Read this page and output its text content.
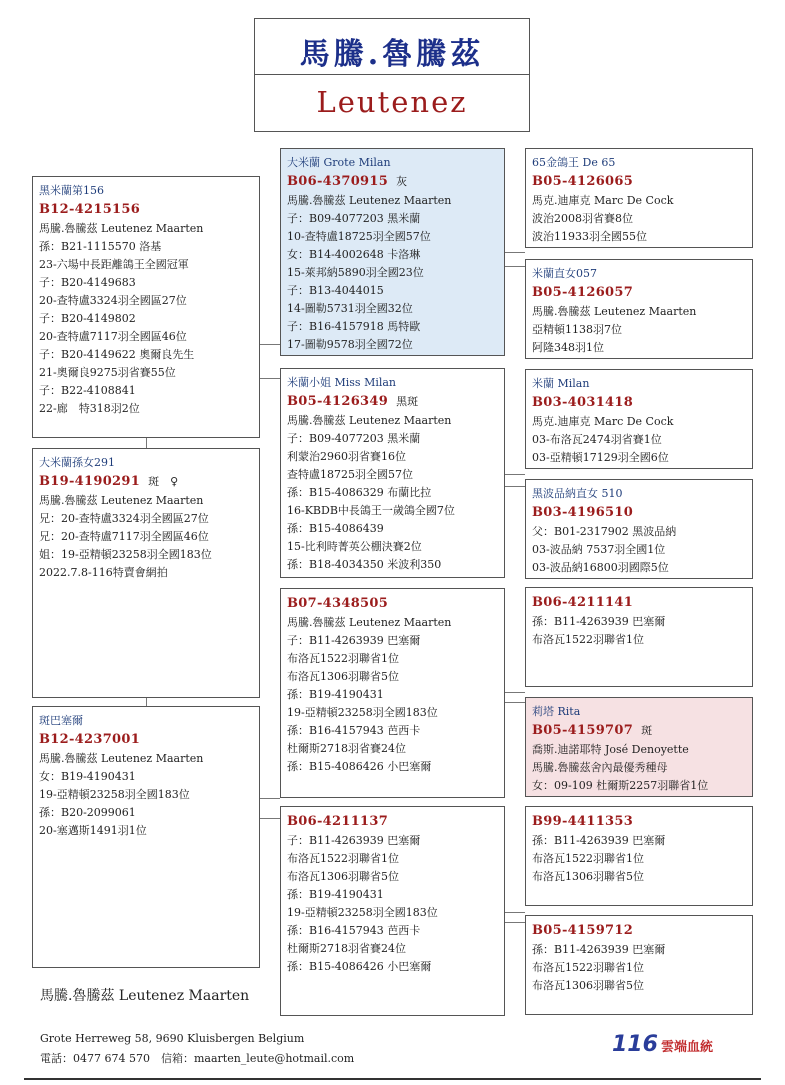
馬騰.魯騰茲
Leutenez
黑米蘭第156
B12-4215156
馬騰.魯騰茲 Leutenez Maarten
孫：B21-1115570 洛基
23-六場中長距離鴿王全國冠軍
子：B20-4149683
20-查特盧3324羽全國區27位
子：B20-4149802
20-查特盧7117羽全國區46位
子：B20-4149622 奧爾良先生
21-奧爾良9275羽省賽55位
子：B22-4108841
22-廊　特318羽2位
大米蘭孫女291
B19-4190291 斑　♀
馬騰.魯騰茲 Leutenez Maarten
兄：20-查特盧3324羽全國區27位
兄：20-查特盧7117羽全國區46位
姐：19-亞精頓23258羽全國183位
2022.7.8-116特賣會網拍
斑巴塞爾
B12-4237001
馬騰.魯騰茲 Leutenez Maarten
女：B19-4190431
19-亞精頓23258羽全國183位
孫：B20-2099061
20-塞邁斯1491羽1位
大米蘭 Grote Milan
B06-4370915 灰
馬騰.魯騰茲 Leutenez Maarten
子：B09-4077203 黑米蘭
10-查特盧18725羽全國57位
女：B14-4002648 卡洛琳
15-萊邦納5890羽全國23位
子：B13-4044015
14-圖勒5731羽全國32位
子：B16-4157918 馬特歐
17-圖勒9578羽全國72位
米蘭小姐 Miss Milan
B05-4126349 黑斑
馬騰.魯騰茲 Leutenez Maarten
子：B09-4077203 黑米蘭
利蒙治2960羽省賽16位
查特盧18725羽全國57位
孫：B15-4086329 布蘭比拉
16-KBDB中長鴿王一歲鴿全國7位
孫：B15-4086439
15-比利時菁英公棚決賽2位
孫：B18-4034350 米波利350
B07-4348505
馬騰.魯騰茲 Leutenez Maarten
子：B11-4263939 巴塞爾
布洛瓦1522羽聯省1位
布洛瓦1306羽聯省5位
孫：B19-4190431
19-亞精頓23258羽全國183位
孫：B16-4157943 芭西卡
杜爾斯2718羽省賽24位
孫：B15-4086426 小巴塞爾
B06-4211137
子：B11-4263939 巴塞爾
布洛瓦1522羽聯省1位
布洛瓦1306羽聯省5位
孫：B19-4190431
19-亞精頓23258羽全國183位
孫：B16-4157943 芭西卡
杜爾斯2718羽省賽24位
孫：B15-4086426 小巴塞爾
65金鴿王 De 65
B05-4126065
馬克.迪庫克 Marc De Cock
波治2008羽省賽8位
波治11933羽全國55位
米蘭直女057
B05-4126057
馬騰.魯騰茲 Leutenez Maarten
亞精頓1138羽7位
阿隆348羽1位
米蘭 Milan
B03-4031418
馬克.迪庫克 Marc De Cock
03-布洛瓦2474羽省賽1位
03-亞精頓17129羽全國6位
黑波品納直女 510
B03-4196510
父：B01-2317902 黑波品納
03-波品納 7537羽全國1位
03-波品納16800羽國際5位
B06-4211141
孫：B11-4263939 巴塞爾
布洛瓦1522羽聯省1位
莉塔 Rita
B05-4159707 斑
喬斯.迪諾耶特 José Denoyette
馬騰.魯騰茲舍內最優秀種母
女：09-109 杜爾斯2257羽聯省1位
B99-4411353
孫：B11-4263939 巴塞爾
布洛瓦1522羽聯省1位
布洛瓦1306羽聯省5位
B05-4159712
孫：B11-4263939 巴塞爾
布洛瓦1522羽聯省1位
布洛瓦1306羽聯省5位
馬騰.魯騰茲 Leutenez Maarten
Grote Herreweg 58, 9690 Kluisbergen Belgium
電話：0477 674 570　信箱：maarten_leute@hotmail.com
116 雲端血統
